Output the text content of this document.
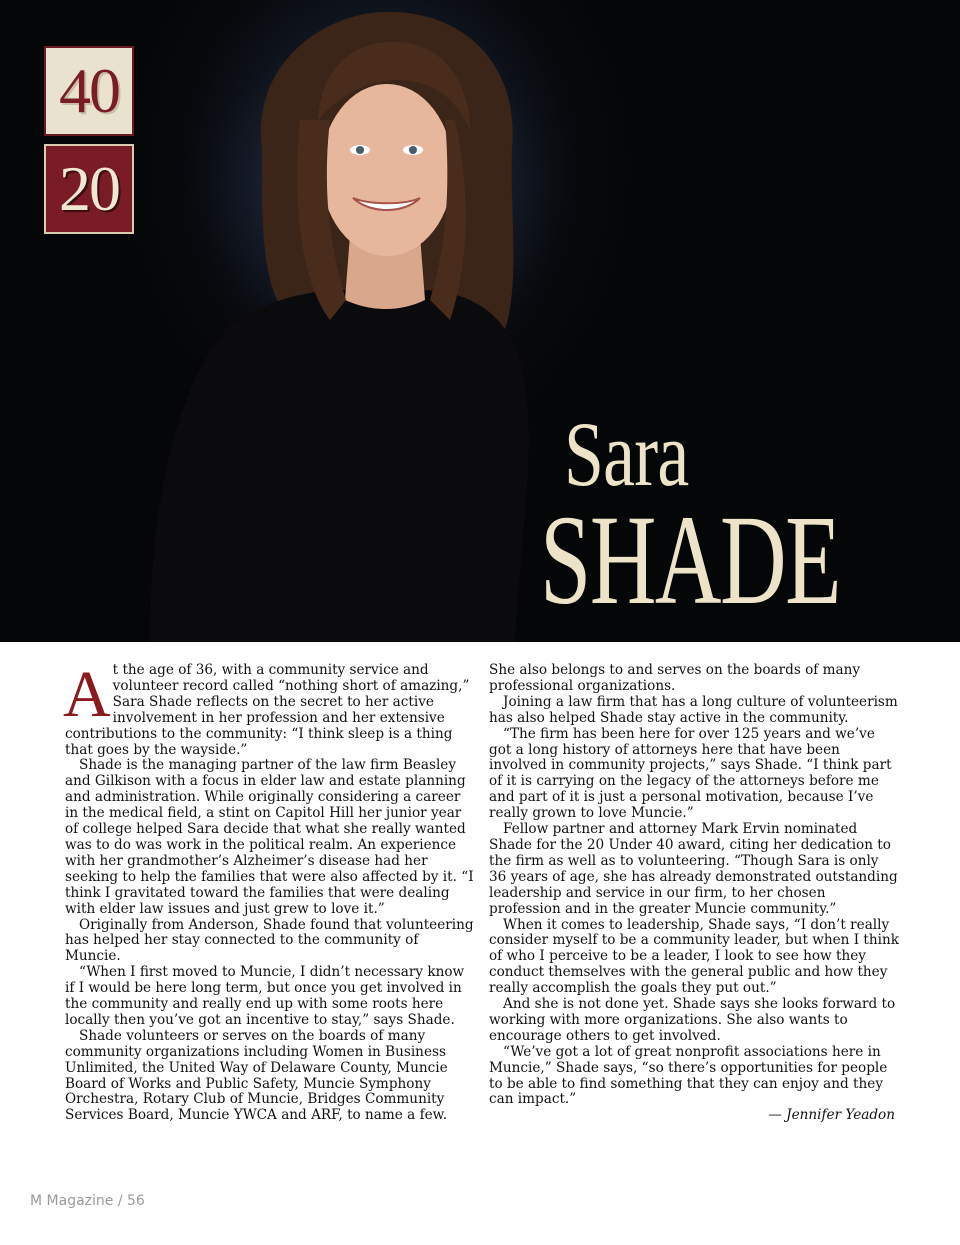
40
20
Sara
SHADE

At the age of 36, with a community service and volunteer record called “nothing short of amazing,” Sara Shade reflects on the secret to her active involvement in her profession and her extensive contributions to the community: “I think sleep is a thing that goes by the wayside.”

Shade is the managing partner of the law firm Beasley and Gilkison with a focus in elder law and estate planning and administration. While originally considering a career in the medical field, a stint on Capitol Hill her junior year of college helped Sara decide that what she really wanted was to do was work in the political realm. An experience with her grandmother’s Alzheimer’s disease had her seeking to help the families that were also affected by it. “I think I gravitated toward the families that were dealing with elder law issues and just grew to love it.”

Originally from Anderson, Shade found that volunteering has helped her stay connected to the community of Muncie.

“When I first moved to Muncie, I didn’t necessary know if I would be here long term, but once you get involved in the community and really end up with some roots here locally then you’ve got an incentive to stay,” says Shade.

Shade volunteers or serves on the boards of many community organizations including Women in Business Unlimited, the United Way of Delaware County, Muncie Board of Works and Public Safety, Muncie Symphony Orchestra, Rotary Club of Muncie, Bridges Community Services Board, Muncie YWCA and ARF, to name a few.

She also belongs to and serves on the boards of many professional organizations.

Joining a law firm that has a long culture of volunteerism has also helped Shade stay active in the community.

“The firm has been here for over 125 years and we’ve got a long history of attorneys here that have been involved in community projects,” says Shade. “I think part of it is carrying on the legacy of the attorneys before me and part of it is just a personal motivation, because I’ve really grown to love Muncie.”

Fellow partner and attorney Mark Ervin nominated Shade for the 20 Under 40 award, citing her dedication to the firm as well as to volunteering. “Though Sara is only 36 years of age, she has already demonstrated outstanding leadership and service in our firm, to her chosen profession and in the greater Muncie community.”

When it comes to leadership, Shade says, “I don’t really consider myself to be a community leader, but when I think of who I perceive to be a leader, I look to see how they conduct themselves with the general public and how they really accomplish the goals they put out.”

And she is not done yet. Shade says she looks forward to working with more organizations. She also wants to encourage others to get involved.

“We’ve got a lot of great nonprofit associations here in Muncie,” Shade says, “so there’s opportunities for people to be able to find something that they can enjoy and they can impact.”

— Jennifer Yeadon

M Magazine / 56
